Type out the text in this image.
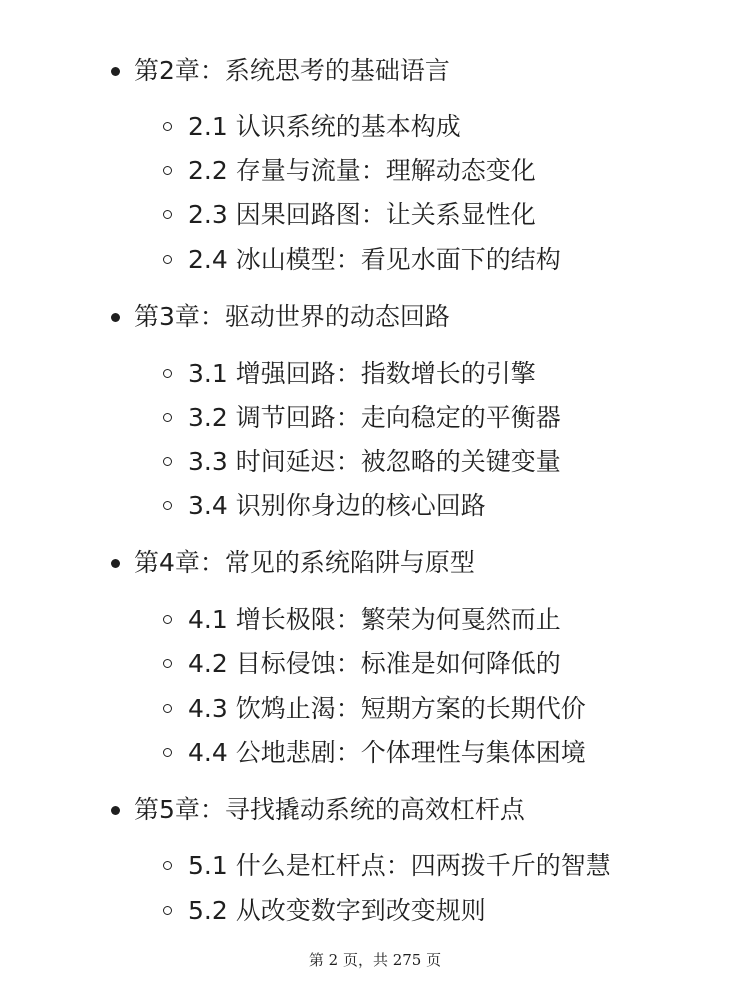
第2章：系统思考的基础语言
2.1 认识系统的基本构成
2.2 存量与流量：理解动态变化
2.3 因果回路图：让关系显性化
2.4 冰山模型：看见水面下的结构
第3章：驱动世界的动态回路
3.1 增强回路：指数增长的引擎
3.2 调节回路：走向稳定的平衡器
3.3 时间延迟：被忽略的关键变量
3.4 识别你身边的核心回路
第4章：常见的系统陷阱与原型
4.1 增长极限：繁荣为何戛然而止
4.2 目标侵蚀：标准是如何降低的
4.3 饮鸩止渴：短期方案的长期代价
4.4 公地悲剧：个体理性与集体困境
第5章：寻找撬动系统的高效杠杆点
5.1 什么是杠杆点：四两拨千斤的智慧
5.2 从改变数字到改变规则
第 2 页，共 275 页
